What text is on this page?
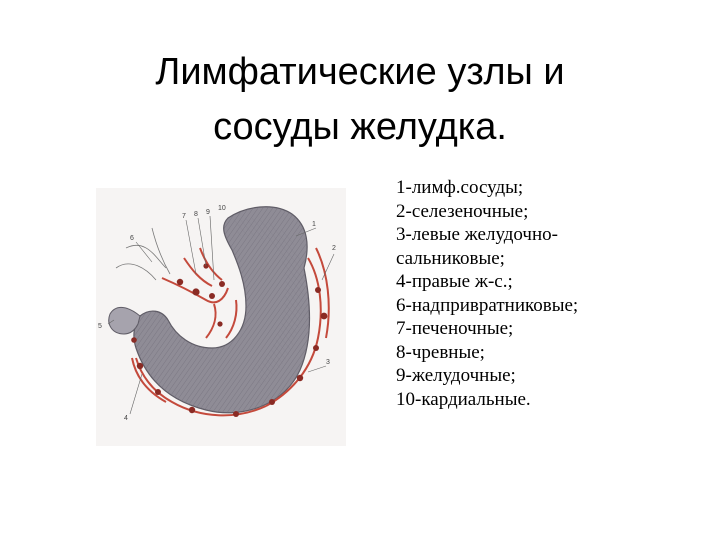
Лимфатические узлы и
сосуды желудка.
1
2
3
4
5
6
7 8 9
10
1-лимф.сосуды;
2-селезеночные;
3-левые желудочно-
сальниковые;
4-правые ж-с.;
6-надпривратниковые;
7-печеночные;
8-чревные;
9-желудочные;
10-кардиальные.
